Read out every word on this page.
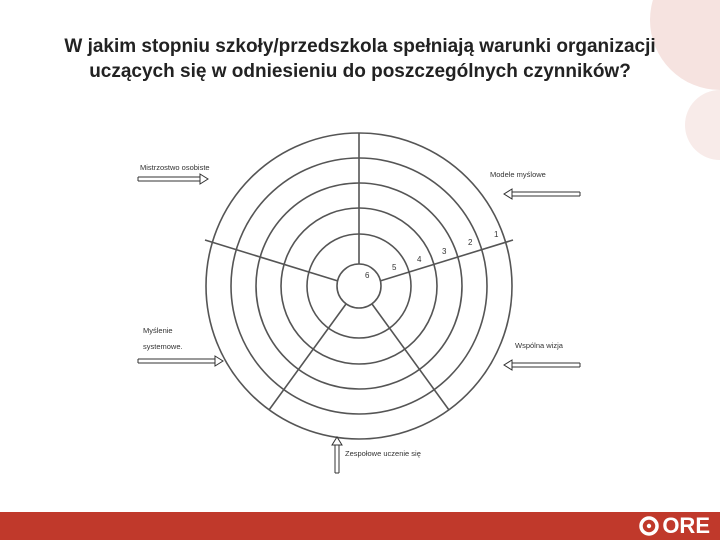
W jakim stopniu szkoły/przedszkola spełniają warunki organizacji
uczących się w odniesieniu do poszczególnych czynników?
6
5
4
3
2
1
Mistrzostwo osobiste
Modele myślowe
Myślenie
systemowe.	Wspólna wizja
Zespołowe uczenie się
ORE
